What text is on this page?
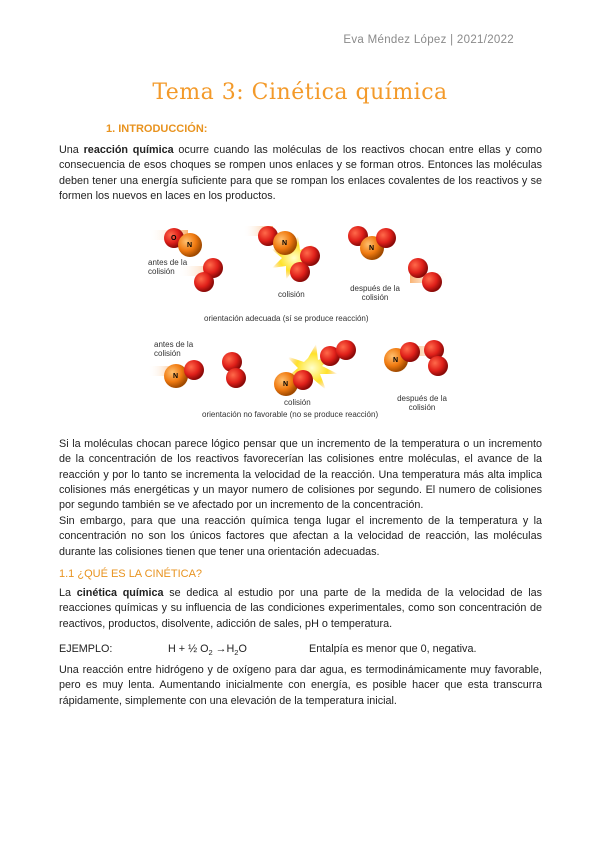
Eva Méndez López | 2021/2022
Tema 3: Cinética química
1. INTRODUCCIÓN:

Una reacción química ocurre cuando las moléculas de los reactivos chocan entre ellas y como consecuencia de esos choques se rompen unos enlaces y se forman otros. Entonces las moléculas deben tener una energía suficiente para que se rompan los enlaces covalentes de los reactivos y se formen los nuevos en laces en los productos.

O
N	N
N
N
N
N
antes de la colisión
colisión
después de la colisión
orientación adecuada (sí se produce reacción)
antes de la colisión
colisión	después de la colisión
orientación no favorable (no se produce reacción)

Si la moléculas chocan parece lógico pensar que un incremento de la temperatura o un incremento de la concentración de los reactivos favorecerían las colisiones entre moléculas, el avance de la reacción y por lo tanto se incrementa la velocidad de la reacción. Una temperatura más alta implica colisiones más energéticas y un mayor numero de colisiones por segundo. El numero de colisiones por segundo también se ve afectado por un incremento de la concentración.

Sin embargo, para que una reacción química tenga lugar el incremento de la temperatura y la concentración no son los únicos factores que afectan a la velocidad de reacción, las moléculas durante las colisiones tienen que tener una orientación adecuadas.

1.1 ¿QUÉ ES LA CINÉTICA?

La cinética química se dedica al estudio por una parte de la medida de la velocidad de las reacciones químicas y su influencia de las condiciones experimentales, como son concentración de reactivos, productos, disolvente, adicción de sales, pH o temperatura.

EJEMPLO:	H + ½ $O_2 \to H_2O$	Entalpía es menor que 0, negativa.

Una reacción entre hidrógeno y de oxígeno para dar agua, es termodinámicamente muy favorable, pero es muy lenta. Aumentando inicialmente con energía, es posible hacer que esta transcurra rápidamente, simplemente con una elevación de la temperatura inicial.
